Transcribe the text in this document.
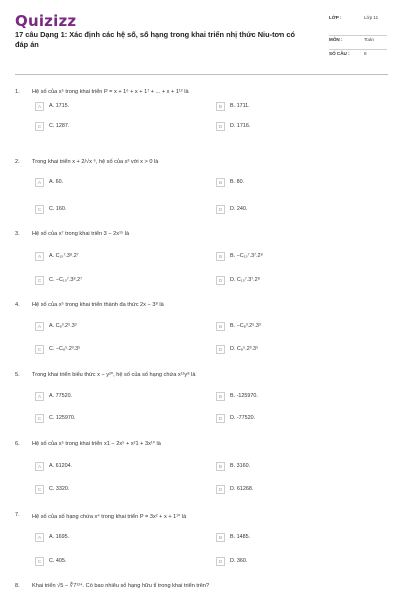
Quizizz
17 câu Dạng 1: Xác định các hệ số, số hạng trong khai triển nhị thức Niu-tơn có đáp án
LỚP :	Lớp 11
MÔN :	Toán
SỐ CÂU :	8
1. Hệ số của x⁵ trong khai triển P = x + 1⁶ + x + 1⁷ + ... + x + 1¹² là
A	A. 1715.	B	B. 1711.
C	C. 1287.	D	D. 1716.
2. Trong khai triển x + 2/√x ⁶, hệ số của x³ với x > 0 là
A	A. 60.	B	B. 80.
C	C. 160.	D	D. 240.
3. Hệ số của x⁷ trong khai triển 3 − 2x¹⁵ là
A	A. C₁₅⁷.3⁸.2⁷	B	B. −C₁₅⁷.3⁷.2⁸
C	C. −C₁₅⁷.3⁸.2⁷	D	D. C₁₅⁷.3⁷.2⁸
4. Hệ số của x⁵ trong khai triển thành đa thức 2x − 3⁸ là
A	A. C₈³.2⁵.3³	B	B. −C₈³.2⁵.3³
C	C. −C₈⁵.2³.3⁵	D	D. C₈⁵.2³.3⁵
5. Trong khai triển biểu thức x − y²⁰, hệ số của số hạng chứa x¹²y⁸ là
A	A. 77520.	B	B. -125970.
C	C. 125970.	D	D. -77520.
6. Hệ số của x⁵ trong khai triển x1 − 2x⁵ + x²1 + 3x¹⁰ là
A	A. 61204.	B	B. 3160.
C	C. 3320.	D	D. 61268.
7. Hệ số của số hạng chứa x⁴ trong khai triển P = 3x² + x + 1¹⁰ là
A	A. 1695.	B	B. 1485.
C	C. 405.	D	D. 360.
8. Khai triển √5 − ∜7¹²⁴. Có bao nhiêu số hạng hữu tỉ trong khai triển trên?
